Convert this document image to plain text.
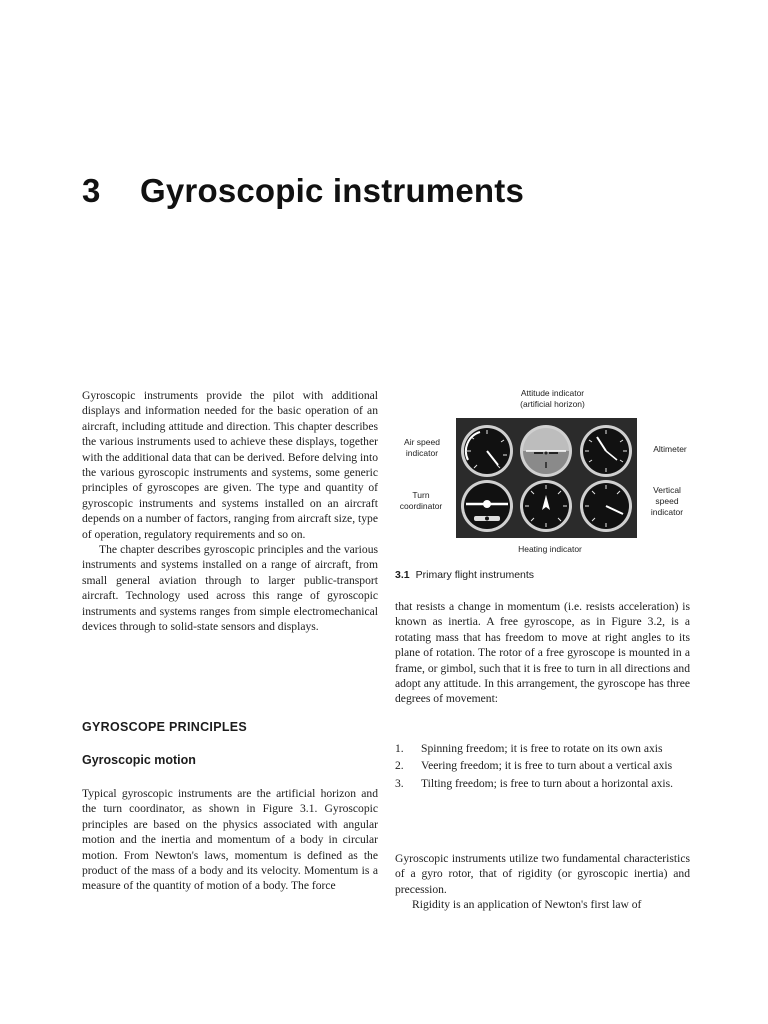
3 Gyroscopic instruments

Gyroscopic instruments provide the pilot with additional displays and information needed for the basic operation of an aircraft, including attitude and direction. This chapter describes the various instruments used to achieve these displays, together with the additional data that can be derived. Before delving into the various gyroscopic instruments and systems, some generic principles of gyroscopes are given. The type and quantity of gyroscopic instruments and systems installed on an aircraft depends on a number of factors, ranging from aircraft size, type of operation, regulatory requirements and so on.

The chapter describes gyroscopic principles and the various instruments and systems installed on a range of aircraft, from small general aviation through to larger public-transport aircraft. Technology used across this range of gyroscopic instruments and systems ranges from simple electromechanical devices through to solid-state sensors and displays.

GYROSCOPE PRINCIPLES
Gyroscopic motion

Typical gyroscopic instruments are the artificial horizon and the turn coordinator, as shown in Figure 3.1. Gyroscopic principles are based on the physics associated with angular motion and the inertia and momentum of a body in circular motion. From Newton's laws, momentum is defined as the product of the mass of a body and its velocity. Momentum is a measure of the quantity of motion of a body. The force

Attitude indicator
(artificial horizon)
Air speed
indicator	Altimeter
Turn
coordinator
Vertical
speed
indicator
Heating indicator

3.1 Primary flight instruments

that resists a change in momentum (i.e. resists acceleration) is known as inertia. A free gyroscope, as in Figure 3.2, is a rotating mass that has freedom to move at right angles to its plane of rotation. The rotor of a free gyroscope is mounted in a frame, or gimbol, such that it is free to turn in all directions and adopt any attitude. In this arrangement, the gyroscope has three degrees of movement:

1. Spinning freedom; it is free to rotate on its own axis
2. Veering freedom; it is free to turn about a vertical axis
3. Tilting freedom; is free to turn about a horizontal axis.

Gyroscopic instruments utilize two fundamental characteristics of a gyro rotor, that of rigidity (or gyroscopic inertia) and precession.

Rigidity is an application of Newton's first law of
